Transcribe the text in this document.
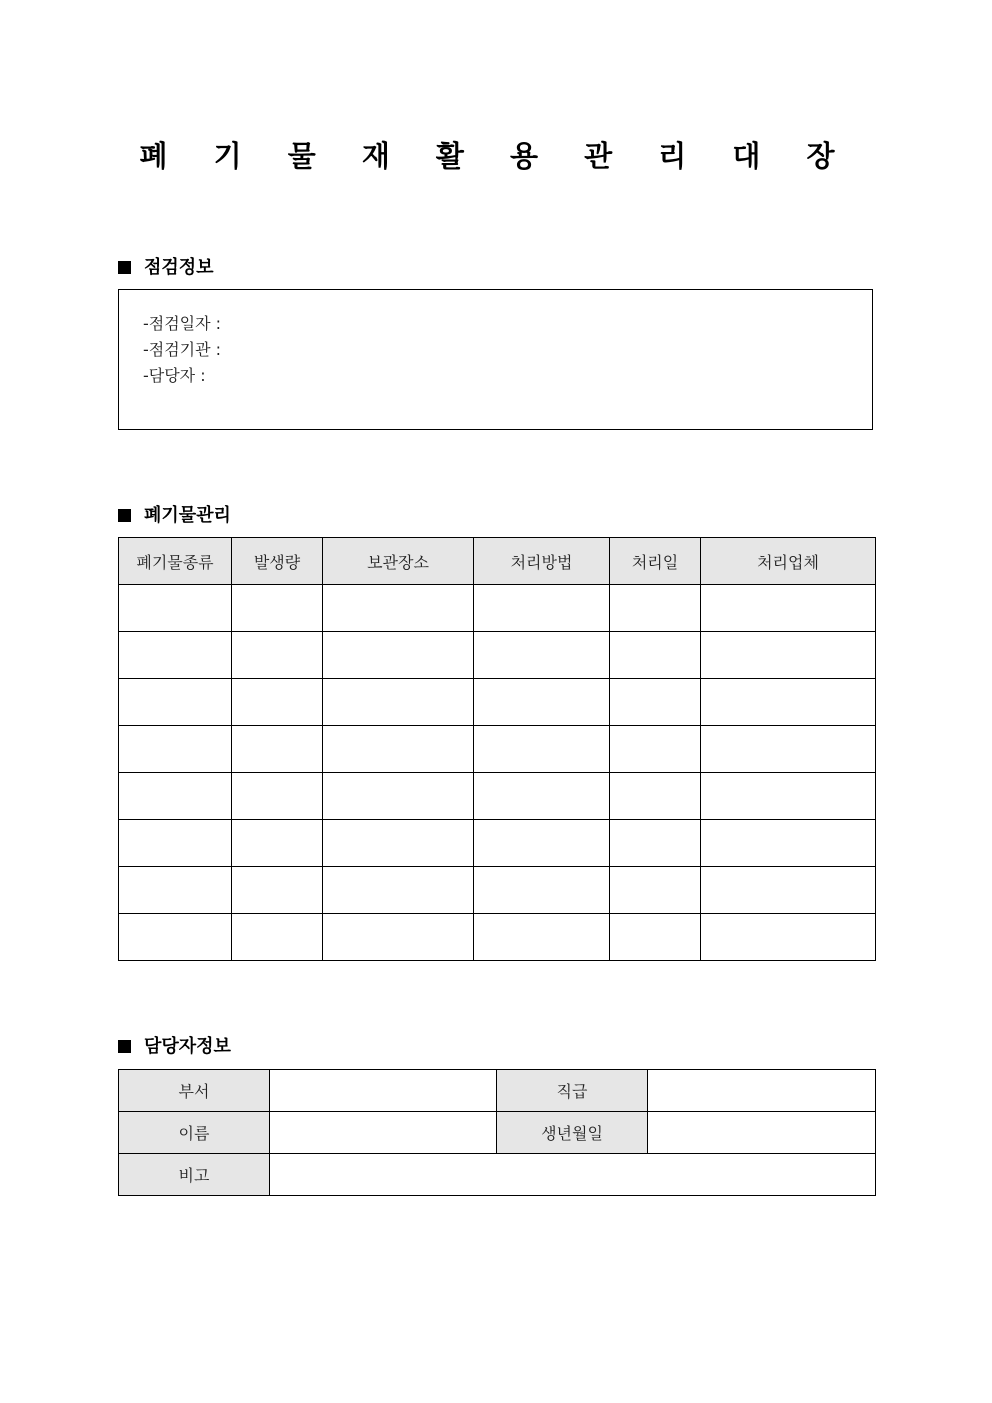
폐 기 물 재 활 용 관 리 대 장
점검정보
-점검일자 :
-점검기관 :
-담당자 :
폐기물관리
폐기물종류	발생량	보관장소	처리방법	처리일	처리업체

담당자정보
부서		직급	
이름		생년월일	
비고			
